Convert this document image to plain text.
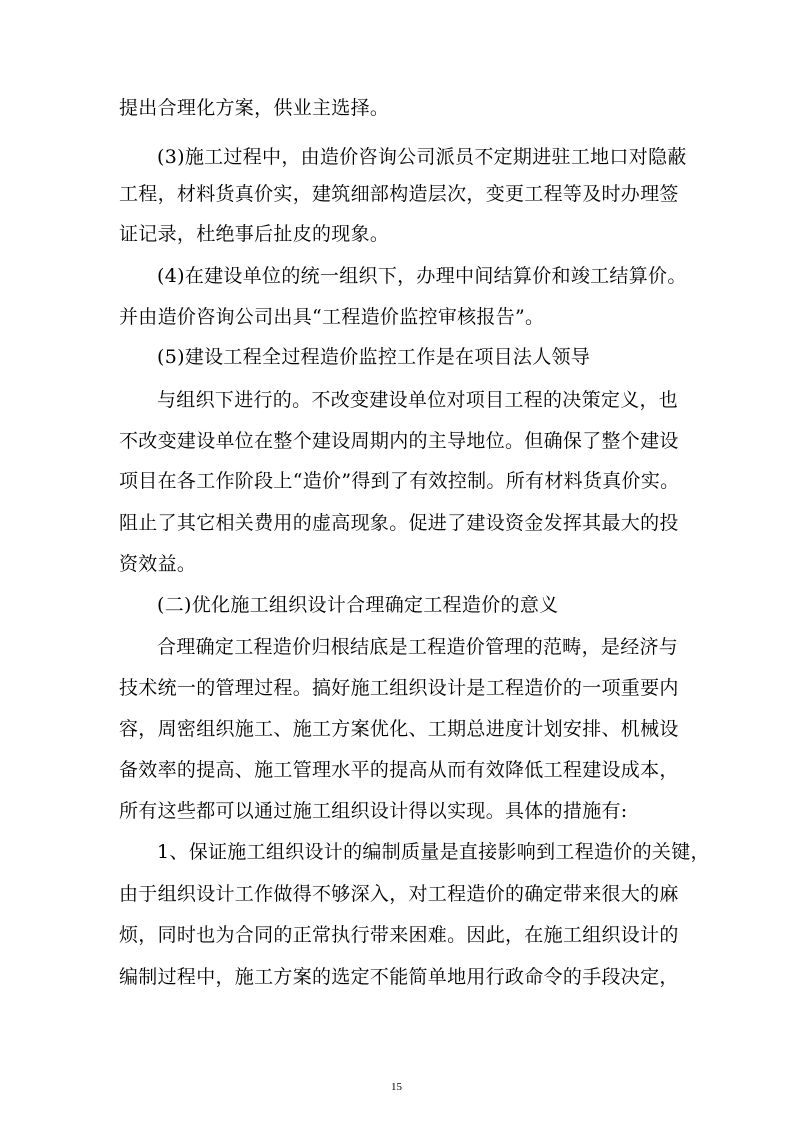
提出合理化方案，供业主选择。
(3)施工过程中，由造价咨询公司派员不定期进驻工地口对隐蔽
工程，材料货真价实，建筑细部构造层次，变更工程等及时办理签
证记录，杜绝事后扯皮的现象。
(4)在建设单位的统一组织下，办理中间结算价和竣工结算价。
并由造价咨询公司出具“工程造价监控审核报告”。
(5)建设工程全过程造价监控工作是在项目法人领导
与组织下进行的。不改变建设单位对项目工程的决策定义，也
不改变建设单位在整个建设周期内的主导地位。但确保了整个建设
项目在各工作阶段上“造价”得到了有效控制。所有材料货真价实。
阻止了其它相关费用的虚高现象。促进了建设资金发挥其最大的投
资效益。
(二)优化施工组织设计合理确定工程造价的意义
合理确定工程造价归根结底是工程造价管理的范畴，是经济与
技术统一的管理过程。搞好施工组织设计是工程造价的一项重要内
容，周密组织施工、施工方案优化、工期总进度计划安排、机械设
备效率的提高、施工管理水平的提高从而有效降低工程建设成本，
所有这些都可以通过施工组织设计得以实现。具体的措施有:
1、保证施工组织设计的编制质量是直接影响到工程造价的关键，
由于组织设计工作做得不够深入，对工程造价的确定带来很大的麻
烦，同时也为合同的正常执行带来困难。因此，在施工组织设计的
编制过程中，施工方案的选定不能简单地用行政命令的手段决定，
15
